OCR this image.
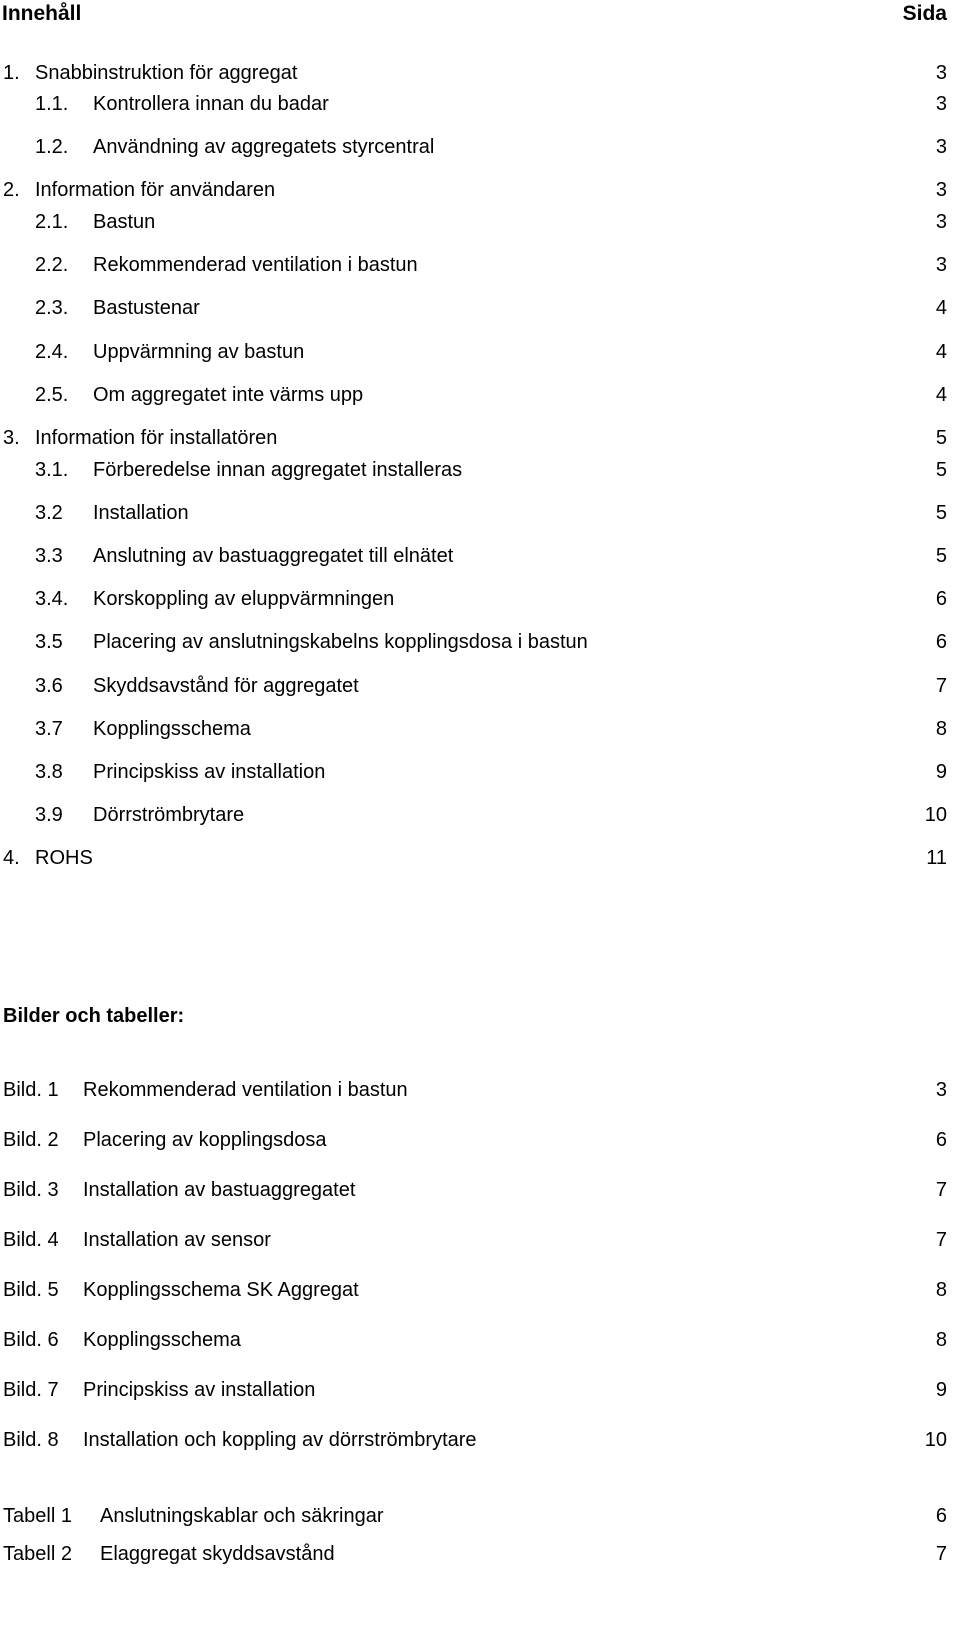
Innehåll	Sida
1. Snabbinstruktion för aggregat	3
1.1. Kontrollera innan du badar	3
1.2. Användning av aggregatets styrcentral	3
2. Information för användaren	3
2.1. Bastun	3
2.2. Rekommenderad ventilation i bastun	3
2.3. Bastustenar	4
2.4. Uppvärmning av bastun	4
2.5. Om aggregatet inte värms upp	4
3. Information för installatören	5
3.1. Förberedelse innan aggregatet installeras	5
3.2 Installation	5
3.3 Anslutning av bastuaggregatet till elnätet	5
3.4. Korskoppling av eluppvärmningen	6
3.5 Placering av anslutningskabelns kopplingsdosa i bastun	6
3.6 Skyddsavstånd för aggregatet	7
3.7 Kopplingsschema	8
3.8 Principskiss av installation	9
3.9 Dörrströmbrytare	10
4. ROHS	11
Bilder och tabeller:
Bild. 1 Rekommenderad ventilation i bastun	3
Bild. 2 Placering av kopplingsdosa	6
Bild. 3 Installation av bastuaggregatet	7
Bild. 4 Installation av sensor	7
Bild. 5 Kopplingsschema SK Aggregat	8
Bild. 6 Kopplingsschema	8
Bild. 7 Principskiss av installation	9
Bild. 8 Installation och koppling av dörrströmbrytare	10
Tabell 1 Anslutningskablar och säkringar	6
Tabell 2 Elaggregat skyddsavstånd	7
